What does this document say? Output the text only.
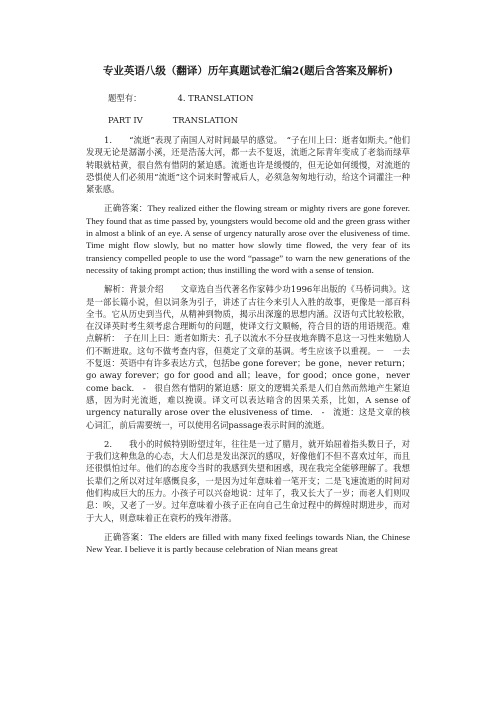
专业英语八级（翻译）历年真题试卷汇编2(题后含答案及解析)
题型有：	4. TRANSLATION
PART IV	TRANSLATION

1.　　“流逝”表现了南国人对时间最早的感觉。　“子在川上曰：逝者如斯夫。”他们发现无论是潺潺小溪，还是浩荡大河，都一去不复返，流逝之际青年变成了老翁而绿草转眼就枯黄，很自然有惜阴的紧迫感。流逝也许是缓慢的，但无论如何缓慢，对流逝的恐惧使人们必须用“流逝”这个词来时警戒后人，必须急匆匆地行动，给这个词灌注一种紧张感。

正确答案：They realized either the flowing stream or mighty rivers are gone forever. They found that as time passed by, youngsters would become old and the green grass wither in almost a blink of an eye. A sense of urgency naturally arose over the elusiveness of time. Time might flow slowly, but no matter how slowly time flowed, the very fear of its transiency compelled people to use the word “passage” to warn the new generations of the necessity of taking prompt action; thus instilling the word with a sense of tension.

解析：背景介绍　　文章选自当代著名作家韩少功1996年出版的《马桥词典》。这是一部长篇小说，但以词条为引子，讲述了古往今来引人入胜的故事，更像是一部百科全书。它从历史到当代，从精神到物质，揭示出深邃的思想内涵。汉语句式比较松散，在汉译英时考生须考虑合理断句的问题，使译文行文顺畅，符合目的语的用语规范。难点解析：　子在川上曰：逝者如斯夫：孔子以流水不分昼夜地奔腾不息这一习性来勉励人们不断进取。这句不做考查内容，但奠定了文章的基调。考生应该予以重视。－　一去不复返：英语中有许多表达方式，包括be gone forever；be gone，never return；go away forever；go for good and all；leave，for good；once gone，never come back.　-　很自然有惜阴的紧迫感：原文的逻辑关系是人们自然而然地产生紧迫感，因为时光流逝，难以挽谟。译文可以表达暗含的因果关系，比如，A sense of urgency naturally arose over the elusiveness of time.　-　流逝：这是文章的核心词汇，前后需要统一，可以使用名词passage表示时间的流逝。

2.　　我小的时候特别盼望过年，往往是一过了腊月，就开始屈着指头数日子，对于我们这种焦急的心态，大人们总是发出深沉的感叹，好像他们不但不喜欢过年，而且还很惧怕过年。他们的态度令当时的我感到失望和困惑，现在我完全能够理解了。我想长辈们之所以对过年感慨良多，一是因为过年意味着一笔开支；二是飞速流逝的时间对他们构成巨大的压力。小孩子可以兴奋地说：过年了，我又长大了一岁；而老人们则叹息：唉，又老了一岁。过年意味着小孩子正在向自己生命过程中的辉煌时期进步，而对于大人，则意味着正在衰朽的残年滑落。

正确答案：The elders are filled with many fixed feelings towards Nian, the Chinese New Year. I believe it is partly because celebration of Nian means great
